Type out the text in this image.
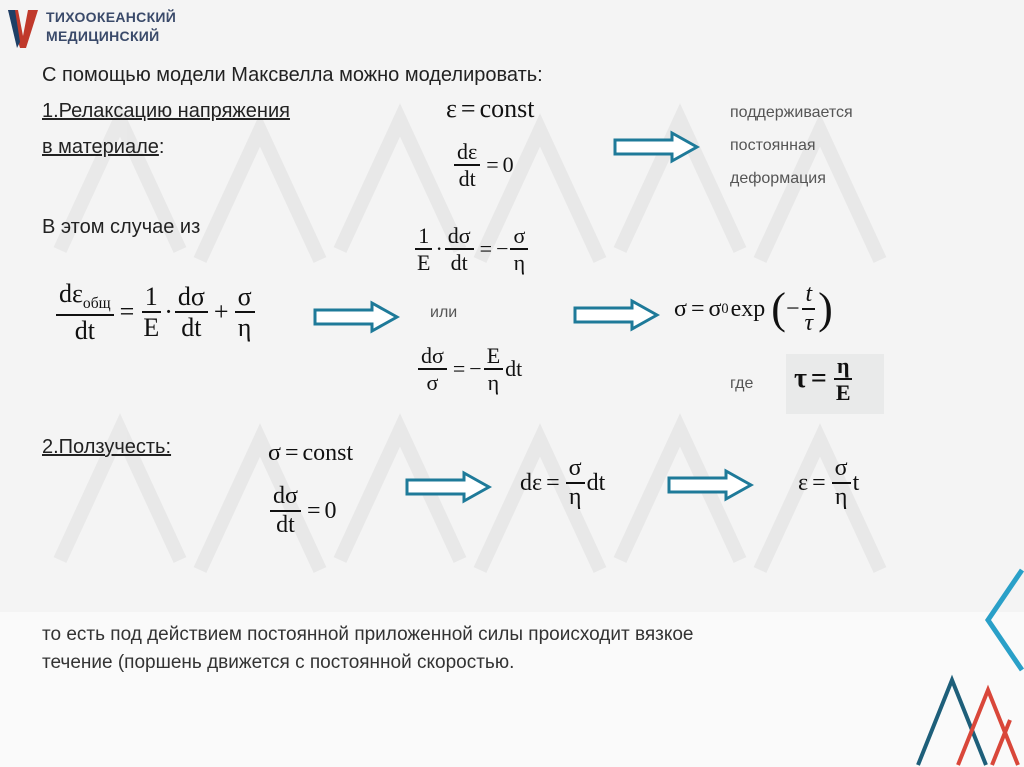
ТИХООКЕАНСКИЙ
МЕДИЦИНСКИЙ
С помощью модели Максвелла можно моделировать:
1.Релаксацию напряжения
в материале:
ε = const
$\frac{d\varepsilon}{dt} = 0$
поддерживается
постоянная
деформация
В этом случае из	$\frac{1}{E} \cdot \frac{d\sigma}{dt}$ = − $\frac{\sigma}{\eta}$
$\frac{d\varepsilon_{общ}}{dt} = \frac{1}{E} \cdot \frac{d\sigma}{dt} + \frac{\sigma}{\eta}$	или	σ = σ 0 exp ( − $\frac{t}{\tau}$ )
$\frac{d\sigma}{\sigma}$ = − $\frac{E}{\eta}$ dt
где $\tau = \frac{\eta}{E}$
2.Ползучесть:	σ = const
$\frac{d\sigma}{dt} = 0$
$d\varepsilon = \frac{\sigma}{\eta}$ dt	$\varepsilon = \frac{\sigma}{\eta}$ t
то есть под действием постоянной приложенной силы происходит вязкое
течение (поршень движется с постоянной скоростью.
